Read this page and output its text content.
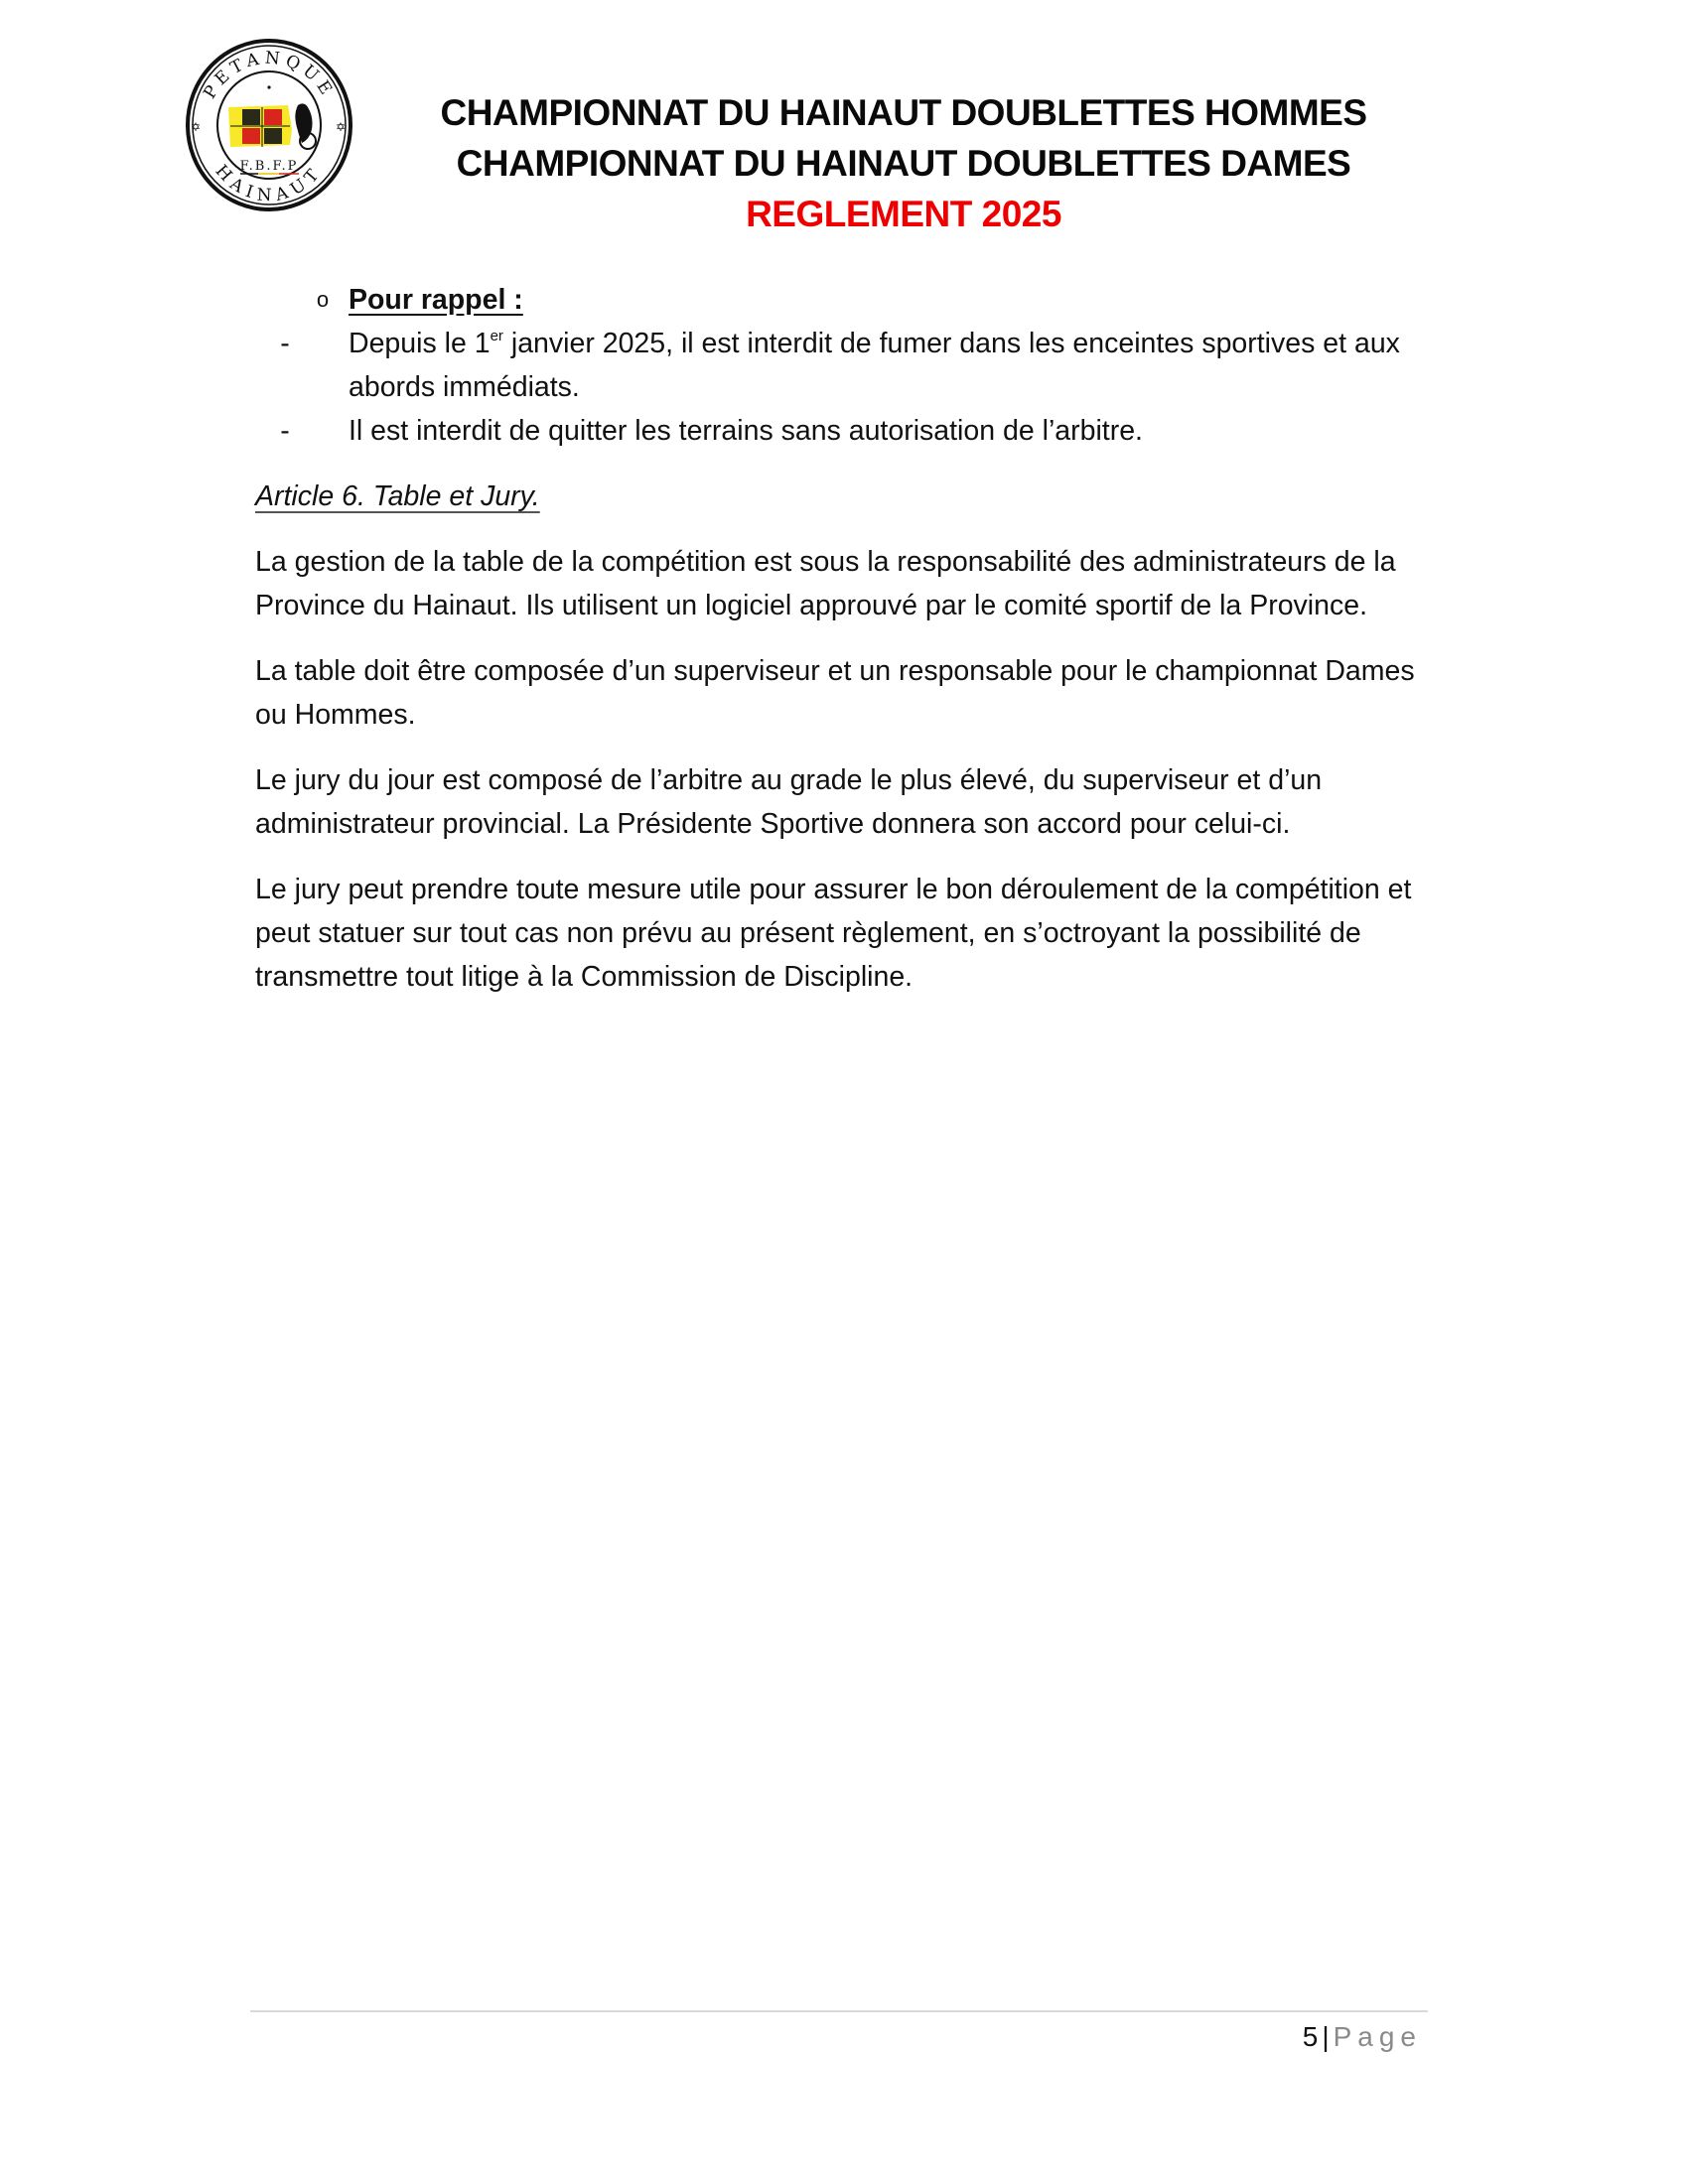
PETANQUE
HAINAUT
✡	✡
F.B.F.P
CHAMPIONNAT DU HAINAUT DOUBLETTES HOMMES
CHAMPIONNAT DU HAINAUT DOUBLETTES DAMES
REGLEMENT 2025
o Pour rappel :
-	Depuis le 1er janvier 2025, il est interdit de fumer dans les enceintes sportives et aux abords immédiats.
-	Il est interdit de quitter les terrains sans autorisation de l’arbitre.
Article 6. Table et Jury.

La gestion de la table de la compétition est sous la responsabilité des administrateurs de la Province du Hainaut. Ils utilisent un logiciel approuvé par le comité sportif de la Province.

La table doit être composée d’un superviseur et un responsable pour le championnat Dames ou Hommes.

Le jury du jour est composé de l’arbitre au grade le plus élevé, du superviseur et d’un administrateur provincial. La Présidente Sportive donnera son accord pour celui-ci.

Le jury peut prendre toute mesure utile pour assurer le bon déroulement de la compétition et peut statuer sur tout cas non prévu au présent règlement, en s’octroyant la possibilité de transmettre tout litige à la Commission de Discipline.

5 | Page
